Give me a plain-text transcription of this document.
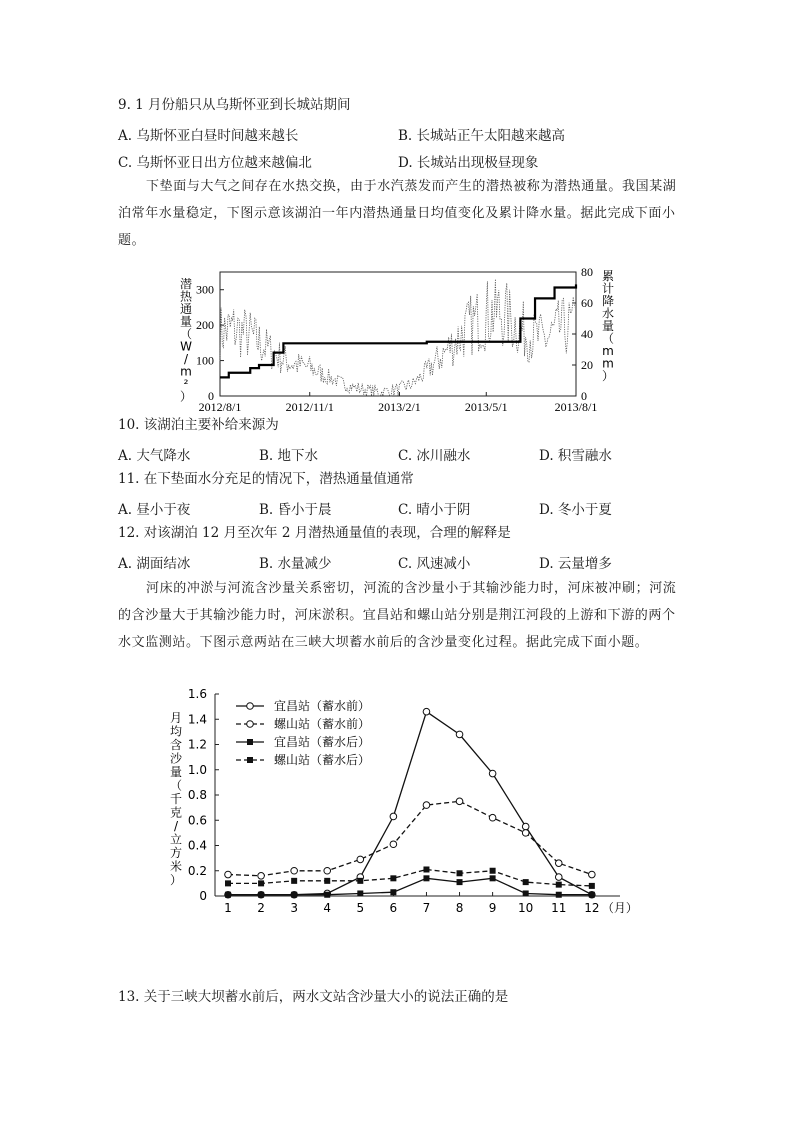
9. 1 月份船只从乌斯怀亚到长城站期间
A. 乌斯怀亚白昼时间越来越长	B. 长城站正午太阳越来越高
C. 乌斯怀亚日出方位越来越偏北	D. 长城站出现极昼现象
下垫面与大气之间存在水热交换，由于水汽蒸发而产生的潜热被称为潜热通量。我国某湖泊常年水量稳定，下图示意该湖泊一年内潜热通量日均值变化及累计降水量。据此完成下面小题。
0
100
200
300
0
20
40
60
80
2012/8/1	2012/11/1	2013/2/1	2013/5/1	2013/8/1
潜
热
通
量
（
W
/
m
²
）
累
计
降
水
量
（
m
m
）
10. 该湖泊主要补给来源为
A. 大气降水	B. 地下水	C. 冰川融水	D. 积雪融水
11. 在下垫面水分充足的情况下，潜热通量值通常
A. 昼小于夜	B. 昏小于晨	C. 晴小于阴	D. 冬小于夏
12. 对该湖泊 12 月至次年 2 月潜热通量值的表现，合理的解释是
A. 湖面结冰	B. 水量减少	C. 风速减小	D. 云量增多
河床的冲淤与河流含沙量关系密切，河流的含沙量小于其输沙能力时，河床被冲刷；河流的含沙量大于其输沙能力时，河床淤积。宜昌站和螺山站分别是荆江河段的上游和下游的两个水文监测站。下图示意两站在三峡大坝蓄水前后的含沙量变化过程。据此完成下面小题。
0
0.2
0.4
0.6
0.8
1.0
1.2
1.4
1.6
1 2 3 4 5 6 7 8 9 10 11 12 （月）
宜昌站（蓄水前）
螺山站（蓄水前）
宜昌站（蓄水后）
螺山站（蓄水后）
月
均
含
沙
量
（
千
克
/
立
方
米
）
13. 关于三峡大坝蓄水前后，两水文站含沙量大小的说法正确的是
